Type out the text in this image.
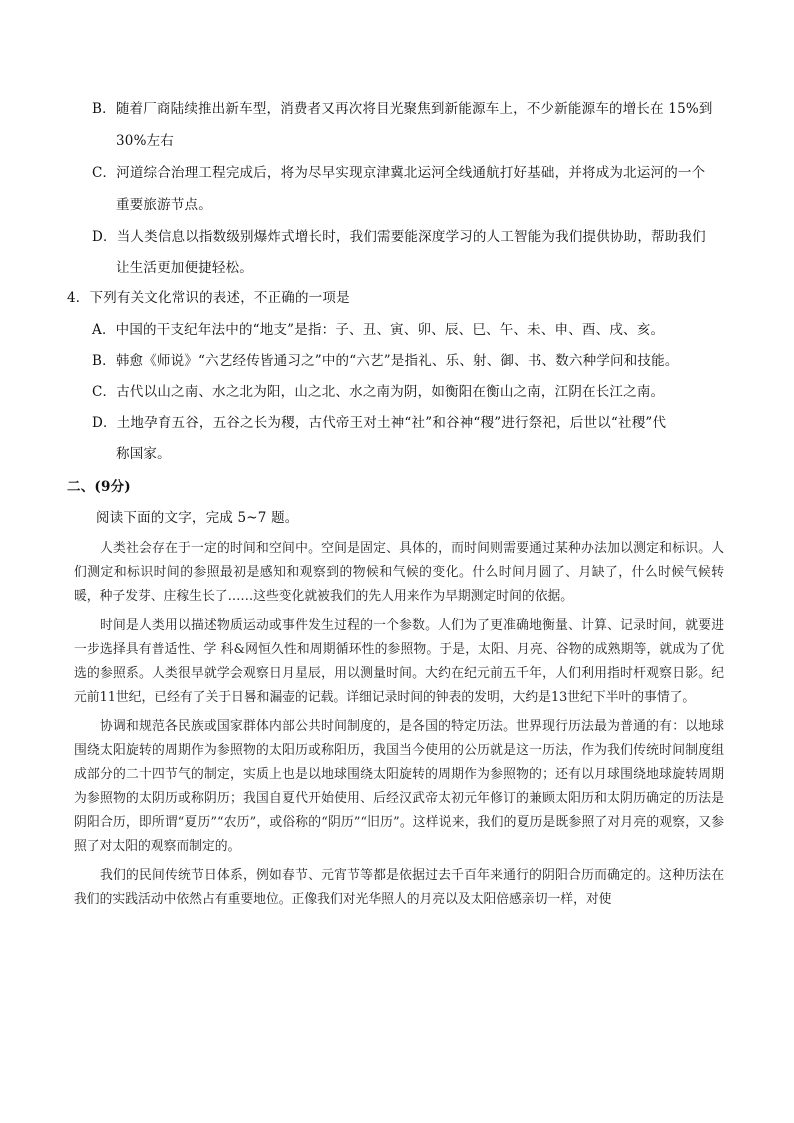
B．随着厂商陆续推出新车型，消费者又再次将目光聚焦到新能源车上，不少新能源车的增长在 15%到
30%左右
C．河道综合治理工程完成后，将为尽早实现京津冀北运河全线通航打好基础，并将成为北运河的一个
重要旅游节点。
D．当人类信息以指数级别爆炸式增长时，我们需要能深度学习的人工智能为我们提供协助，帮助我们
让生活更加便捷轻松。
4．下列有关文化常识的表述，不正确的一项是
A．中国的干支纪年法中的“地支”是指：子、丑、寅、卯、辰、巳、午、未、申、酉、戌、亥。
B．韩愈《师说》“六艺经传皆通习之”中的“六艺”是指礼、乐、射、御、书、数六种学问和技能。
C．古代以山之南、水之北为阳，山之北、水之南为阴，如衡阳在衡山之南，江阴在长江之南。
D．土地孕育五谷，五谷之长为稷，古代帝王对土神“社”和谷神“稷”进行祭祀，后世以“社稷”代
称国家。
二、(9分)
阅读下面的文字，完成 5~7 题。

人类社会存在于一定的时间和空间中。空间是固定、具体的，而时间则需要通过某种办法加以测定和标识。人们测定和标识时间的参照最初是感知和观察到的物候和气候的变化。什么时间月圆了、月缺了，什么时候气候转暖，种子发芽、庄稼生长了……这些变化就被我们的先人用来作为早期测定时间的依据。

时间是人类用以描述物质运动或事件发生过程的一个参数。人们为了更准确地衡量、计算、记录时间，就要进一步选择具有普适性、学 科&网恒久性和周期循环性的参照物。于是，太阳、月亮、谷物的成熟期等，就成为了优选的参照系。人类很早就学会观察日月星辰，用以测量时间。大约在纪元前五千年，人们利用指时杆观察日影。纪元前11世纪，已经有了关于日晷和漏壶的记载。详细记录时间的钟表的发明，大约是13世纪下半叶的事情了。

协调和规范各民族或国家群体内部公共时间制度的，是各国的特定历法。世界现行历法最为普通的有：以地球围绕太阳旋转的周期作为参照物的太阳历或称阳历，我国当今使用的公历就是这一历法，作为我们传统时间制度组成部分的二十四节气的制定，实质上也是以地球围绕太阳旋转的周期作为参照物的；还有以月球围绕地球旋转周期为参照物的太阴历或称阴历；我国自夏代开始使用、后经汉武帝太初元年修订的兼顾太阳历和太阴历确定的历法是阴阳合历，即所谓“夏历”“农历”，或俗称的“阴历”“旧历”。这样说来，我们的夏历是既参照了对月亮的观察，又参照了对太阳的观察而制定的。

我们的民间传统节日体系，例如春节、元宵节等都是依据过去千百年来通行的阴阳合历而确定的。这种历法在我们的实践活动中依然占有重要地位。正像我们对光华照人的月亮以及太阳倍感亲切一样，对使
